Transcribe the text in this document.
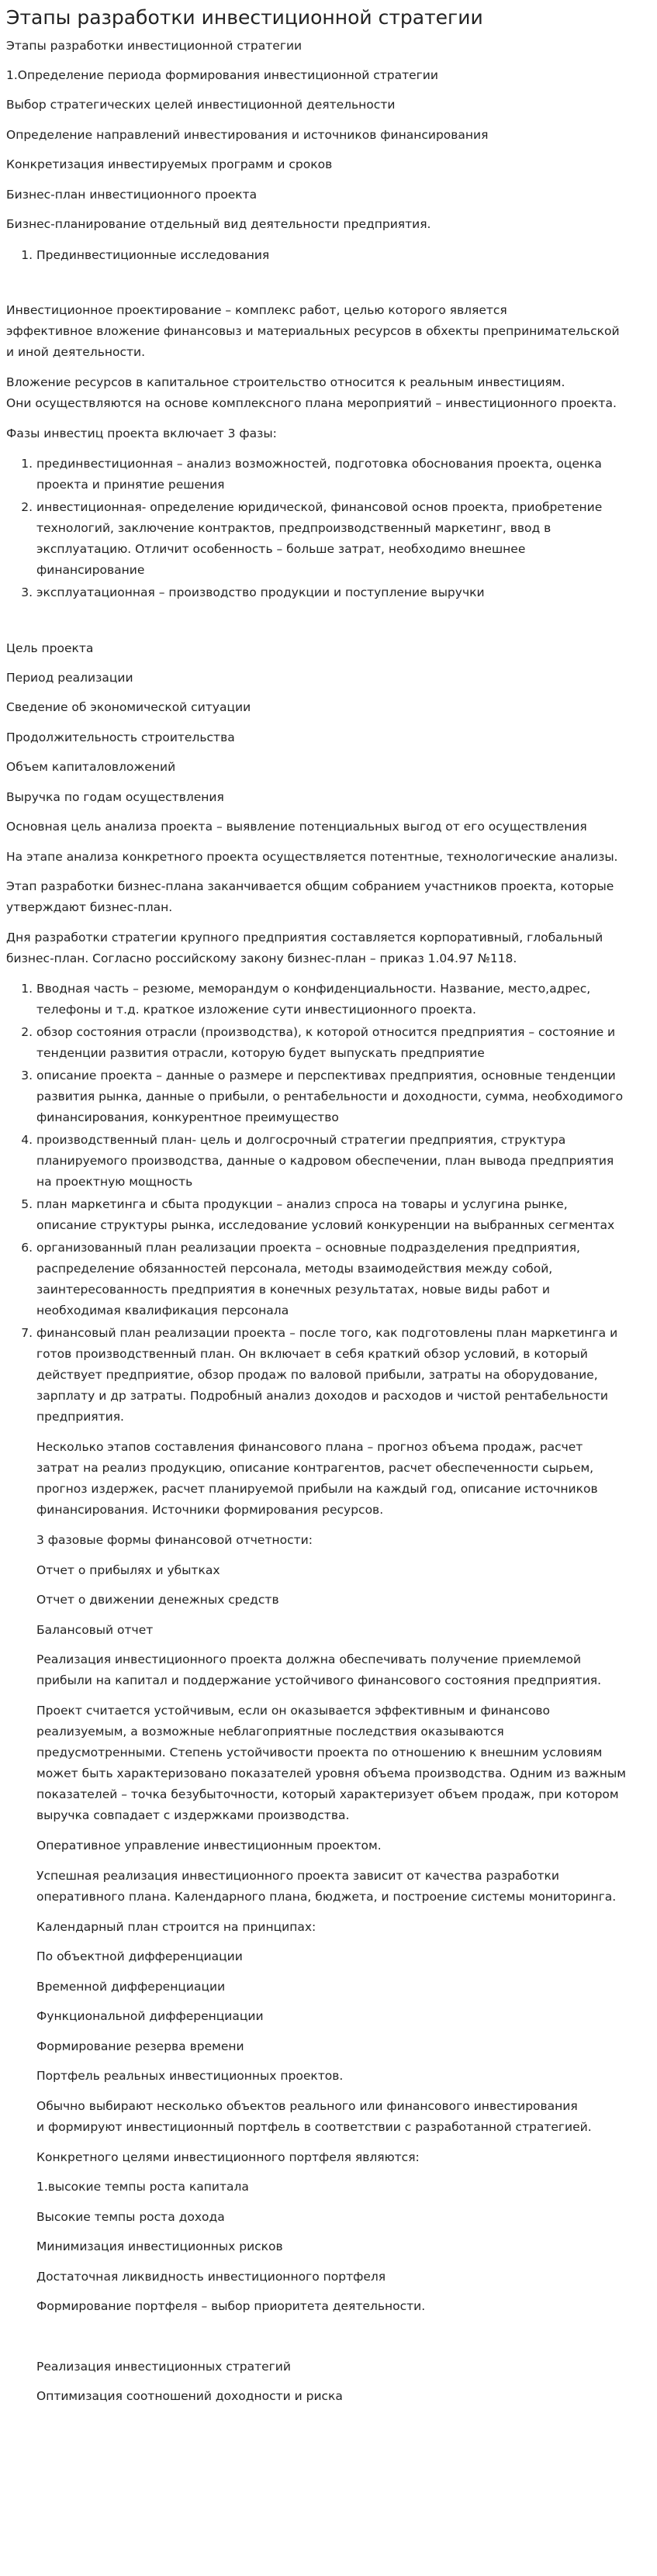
Этапы разработки инвестиционной стратегии

Этапы разработки инвестиционной стратегии

1.Определение периода формирования инвестиционной стратегии

Выбор стратегических целей инвестиционной деятельности

Определение направлений инвестирования и источников финансирования

Конкретизация инвестируемых программ и сроков

Бизнес-план инвестиционного проекта

Бизнес-планирование отдельный вид деятельности предприятия.

Прединвестиционные исследования

Инвестиционное проектирование – комплекс работ, целью которого является

эффективное вложение финансовыз и материальных ресурсов в обхекты препринимательской

и иной деятельности.

Вложение ресурсов в капитальное строительство относится к реальным инвестициям.

Они осуществляются на основе комплексного плана мероприятий – инвестиционного проекта.

Фазы инвестиц проекта включает 3 фазы:

прединвестиционная – анализ возможностей, подготовка обоснования проекта, оценка

проекта и принятие решения

инвестиционная- определение юридической, финансовой основ проекта, приобретение

технологий, заключение контрактов, предпроизводственный маркетинг, ввод в

эксплуатацию. Отличит особенность – больше затрат, необходимо внешнее

финансирование

эксплуатационная – производство продукции и поступление выручки

Цель проекта

Период реализации

Сведение об экономической ситуации

Продолжительность строительства

Объем капиталовложений

Выручка по годам осуществления

Основная цель анализа проекта – выявление потенциальных выгод от его осуществления

На этапе анализа конкретного проекта осуществляется потентные, технологические анализы.

Этап разработки бизнес-плана заканчивается общим собранием участников проекта, которые

утверждают бизнес-план.

Дня разработки стратегии крупного предприятия составляется корпоративный, глобальный

бизнес-план. Согласно российскому закону бизнес-план – приказ 1.04.97 №118.

Вводная часть – резюме, меморандум о конфиденциальности. Название, место,адрес,

телефоны и т.д. краткое изложение сути инвестиционного проекта.

обзор состояния отрасли (производства), к которой относится предприятия – состояние и

тенденции развития отрасли, которую будет выпускать предприятие

описание проекта – данные о размере и перспективах предприятия, основные тенденции

развития рынка, данные о прибыли, о рентабельности и доходности, сумма, необходимого

финансирования, конкурентное преимущество

производственный план- цель и долгосрочный стратегии предприятия, структура

планируемого производства, данные о кадровом обеспечении, план вывода предприятия

на проектную мощность

план маркетинга и сбыта продукции – анализ спроса на товары и услугина рынке,

описание структуры рынка, исследование условий конкуренции на выбранных сегментах

организованный план реализации проекта – основные подразделения предприятия,

распределение обязанностей персонала, методы взаимодействия между собой,

заинтересованность предприятия в конечных результатах, новые виды работ и

необходимая квалификация персонала

финансовый план реализации проекта – после того, как подготовлены план маркетинга и

готов производственный план. Он включает в себя краткий обзор условий, в который

действует предприятие, обзор продаж по валовой прибыли, затраты на оборудование,

зарплату и др затраты. Подробный анализ доходов и расходов и чистой рентабельности

предприятия.

Несколько этапов составления финансового плана – прогноз объема продаж, расчет

затрат на реализ продукцию, описание контрагентов, расчет обеспеченности сырьем,

прогноз издержек, расчет планируемой прибыли на каждый год, описание источников

финансирования. Источники формирования ресурсов.

3 фазовые формы финансовой отчетности:

Отчет о прибылях и убытках

Отчет о движении денежных средств

Балансовый отчет

Реализация инвестиционного проекта должна обеспечивать получение приемлемой

прибыли на капитал и поддержание устойчивого финансового состояния предприятия.

Проект считается устойчивым, если он оказывается эффективным и финансово

реализуемым, а возможные неблагоприятные последствия оказываются

предусмотренными. Степень устойчивости проекта по отношению к внешним условиям

может быть характеризовано показателей уровня объема производства. Одним из важным

показателей – точка безубыточности, который характеризует объем продаж, при котором

выручка совпадает с издержками производства.

Оперативное управление инвестиционным проектом.

Успешная реализация инвестиционного проекта зависит от качества разработки

оперативного плана. Календарного плана, бюджета, и построение системы мониторинга.

Календарный план строится на принципах:

По объектной дифференциации

Временной дифференциации

Функциональной дифференциации

Формирование резерва времени

Портфель реальных инвестиционных проектов.

Обычно выбирают несколько объектов реального или финансового инвестирования

и формируют инвестиционный портфель в соответствии с разработанной стратегией.

Конкретного целями инвестиционного портфеля являются:

1.высокие темпы роста капитала

Высокие темпы роста дохода

Минимизация инвестиционных рисков

Достаточная ликвидность инвестиционного портфеля

Формирование портфеля – выбор приоритета деятельности.

Реализация инвестиционных стратегий

Оптимизация соотношений доходности и риска

1.
1.
2.
3.
1.
2.
3.
4.
5.
6.
7.
